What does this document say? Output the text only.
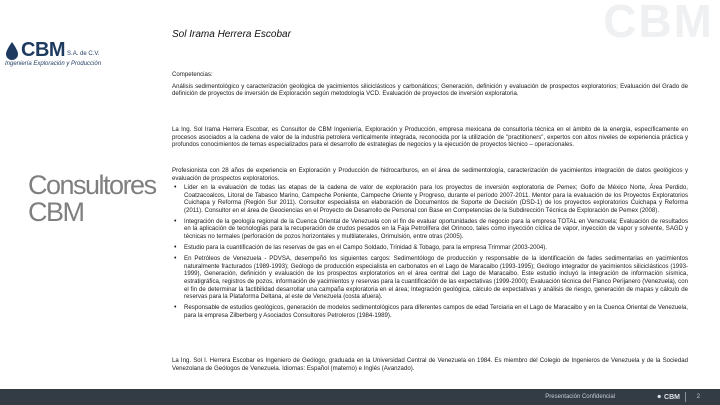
CBM
CBM S.A. de C.V.
Ingeniería Exploración y Producción
Consultores
CBM
Sol Irama Herrera Escobar
Competencias:
Análisis sedimentológico y caracterización geológica de yacimientos siliciclásticos y carbonáticos; Generación, definición y evaluación de prospectos exploratorios; Evaluación del Grado de definición de proyectos de inversión de Exploración según metodología VCD. Evaluación de proyectos de inversión exploratoria.
La Ing. Sol Irama Herrera Escobar, es Consultor de CBM Ingeniería, Exploración y Producción, empresa mexicana de consultoría técnica en el ámbito de la energía, específicamente en procesos asociados a la cadena de valor de la industria petrolera verticalmente integrada, reconocida por la utilización de "practitioners", expertos con altos niveles de experiencia práctica y profundos conocimientos de temas especializados para el desarrollo de estrategias de negocios y la ejecución de proyectos técnico – operacionales.
Profesionista con 28 años de experiencia en Exploración y Producción de hidrocarburos, en el área de sedimentología, caracterización de yacimientos integración de datos geológicos y evaluación de prospectos exploratorios.
• Líder en la evaluación de todas las etapas de la cadena de valor de exploración para los proyectos de inversión exploratoria de Pemex; Golfo de México Norte, Área Perdido, Coatzacoalcos, Litoral de Tabasco Marino, Campeche Poniente, Campeche Oriente y Progreso, durante el período 2007-2011. Mentor para la evaluación de los Proyectos Exploratorios Cuichapa y Reforma (Región Sur 2011). Consultor especialista en elaboración de Documentos de Soporte de Decisión (DSD-1) de los proyectos exploratorios Cuichapa y Reforma (2011). Consultor en el área de Geociencias en el Proyecto de Desarrollo de Personal con Base en Competencias de la Subdirección Técnica de Exploración de Pemex (2008).
• Integración de la geología regional de la Cuenca Oriental de Venezuela con el fin de evaluar oportunidades de negocio para la empresa TOTAL en Venezuela; Evaluación de resultados en la aplicación de tecnologías para la recuperación de crudos pesados en la Faja Petrolífera del Orinoco, tales como inyección cíclica de vapor, inyección de vapor y solvente, SAGD y técnicas no termales (perforación de pozos horizontales y multilaterales, Orimulsión, entre otras (2005).
• Estudio para la cuantificación de las reservas de gas en el Campo Soldado, Trinidad & Tobago, para la empresa Trimmar (2003-2004).
• En Petróleos de Venezuela - PDVSA, desempeñó los siguientes cargos: Sedimentólogo de producción y responsable de la identificación de fades sedimentarias en yacimientos naturalmente fracturados (1989-1993); Geólogo de producción especialista en carbonatos en el Lago de Maracaibo (1993-1995); Geólogo integrador de yacimientos siliciclásticos (1993-1999), Generación, definición y evaluación de los prospectos exploratorios en el área central del Lago de Maracaibo. Este estudio incluyó la integración de información sísmica, estratigráfica, registros de pozos, información de yacimientos y reservas para la cuantificación de las expectativas (1999-2000); Evaluación técnica del Flanco Perijanero (Venezuela), con el fin de determinar la factibilidad desarrollar una campaña exploratoria en el área; Integración geológica, cálculo de expectativas y análisis de riesgo, generación de mapas y cálculo de reservas para la Plataforma Deltana, al este de Venezuela (costa afuera).
• Responsable de estudios geológicos, generación de modelos sedimentológicos para diferentes campos de edad Terciaria en el Lago de Maracaibo y en la Cuenca Oriental de Venezuela, para la empresa Zilberberg y Asociados Consultores Petroleros (1984-1989).
La Ing. Sol I. Herrera Escobar es Ingeniero de Geólogo, graduada en la Universidad Central de Venezuela en 1984. Es miembro del Colegio de Ingenieros de Venezuela y de la Sociedad Venezolana de Geólogos de Venezuela. Idiomas: Español (materno) e Inglés (Avanzado).
Presentación Confidencial	⚫ CBM	2
